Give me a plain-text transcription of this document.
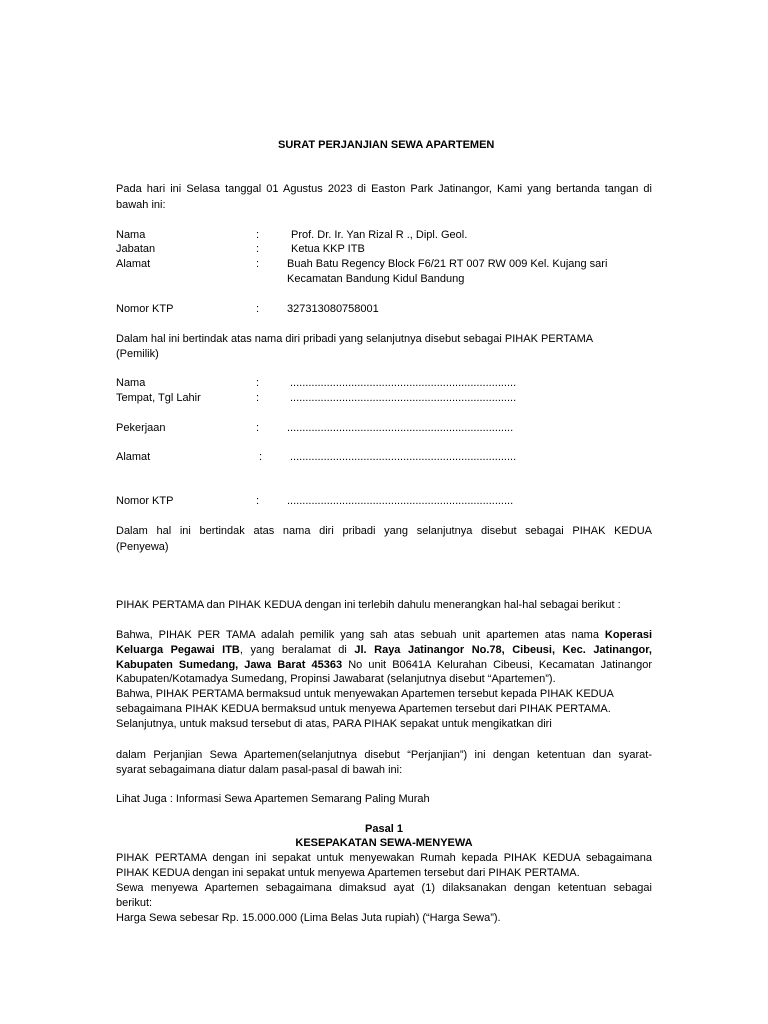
SURAT PERJANJIAN SEWA APARTEMEN
Pada hari ini Selasa tanggal 01 Agustus 2023 di Easton Park Jatinangor, Kami yang bertanda tangan di
bawah ini:
Nama	:	Prof. Dr. Ir. Yan Rizal R ., Dipl. Geol.
Jabatan	:	Ketua KKP ITB
Alamat	:	Buah Batu Regency Block F6/21 RT 007 RW 009 Kel. Kujang sari
Kecamatan Bandung Kidul Bandung
Nomor KTP	:	327313080758001
Dalam hal ini bertindak atas nama diri pribadi yang selanjutnya disebut sebagai PIHAK PERTAMA
(Pemilik)
Nama	:	..........................................................................
Tempat, Tgl Lahir	:	..........................................................................
Pekerjaan	:	..........................................................................
Alamat	:	..........................................................................
Nomor KTP	:	..........................................................................
Dalam hal ini bertindak atas nama diri pribadi yang selanjutnya disebut sebagai PIHAK KEDUA
(Penyewa)
PIHAK PERTAMA dan PIHAK KEDUA dengan ini terlebih dahulu menerangkan hal-hal sebagai berikut :
Bahwa, PIHAK PER TAMA adalah pemilik yang sah atas sebuah unit apartemen atas nama Koperasi
Keluarga Pegawai ITB, yang beralamat di Jl. Raya Jatinangor No.78, Cibeusi, Kec. Jatinangor,
Kabupaten Sumedang, Jawa Barat 45363 No unit B0641A Kelurahan Cibeusi, Kecamatan Jatinangor
Kabupaten/Kotamadya Sumedang, Propinsi Jawabarat (selanjutnya disebut “Apartemen”).
Bahwa, PIHAK PERTAMA bermaksud untuk menyewakan Apartemen tersebut kepada PIHAK KEDUA
sebagaimana PIHAK KEDUA bermaksud untuk menyewa Apartemen tersebut dari PIHAK PERTAMA.
Selanjutnya, untuk maksud tersebut di atas, PARA PIHAK sepakat untuk mengikatkan diri
dalam Perjanjian Sewa Apartemen(selanjutnya disebut “Perjanjian”) ini dengan ketentuan dan syarat-
syarat sebagaimana diatur dalam pasal-pasal di bawah ini:
Lihat Juga : Informasi Sewa Apartemen Semarang Paling Murah
Pasal 1
KESEPAKATAN SEWA-MENYEWA
PIHAK PERTAMA dengan ini sepakat untuk menyewakan Rumah kepada PIHAK KEDUA sebagaimana
PIHAK KEDUA dengan ini sepakat untuk menyewa Apartemen tersebut dari PIHAK PERTAMA.
Sewa menyewa Apartemen sebagaimana dimaksud ayat (1) dilaksanakan dengan ketentuan sebagai
berikut:
Harga Sewa sebesar Rp. 15.000.000 (Lima Belas Juta rupiah) (“Harga Sewa”).
